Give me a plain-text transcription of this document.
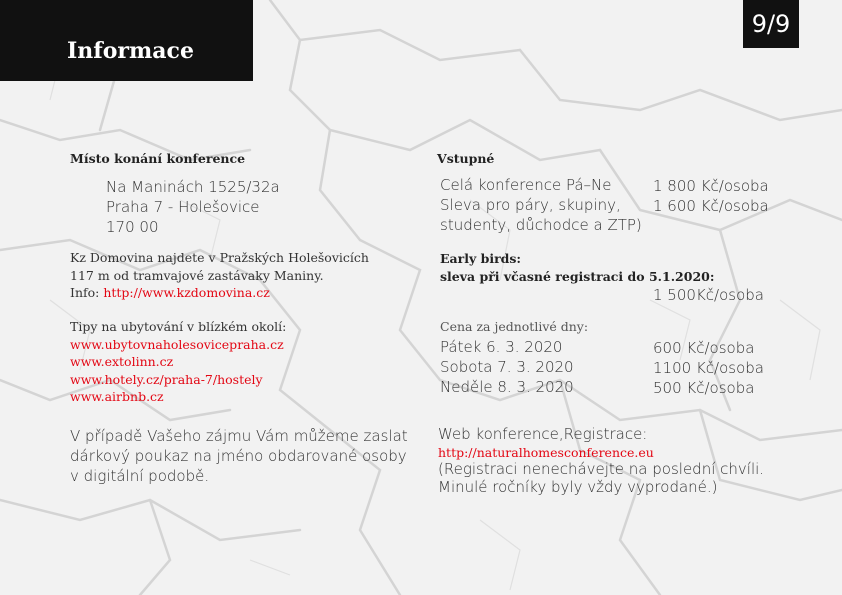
Informace
9/9
Místo konání konference
Na Maninách 1525/32a
Praha 7 - Holešovice
170 00
Kz Domovina najdete v Pražských Holešovicích
117 m od tramvajové zastávaky Maniny.
Info: http://www.kzdomovina.cz
Tipy na ubytování v blízkém okolí:
www.ubytovnaholesovicepraha.cz
www.extolinn.cz
www.hotely.cz/praha-7/hostely
www.airbnb.cz
V případě Vašeho zájmu Vám můžeme zaslat
dárkový poukaz na jméno obdarované osoby
v digitální podobě.
Vstupné
Celá konference Pá–Ne
Sleva pro páry, skupiny,
studenty, důchodce a ZTP)
1 800 Kč/osoba
1 600 Kč/osoba
Early birds:
sleva při včasné registraci do 5.1.2020:
1 500Kč/osoba
Cena za jednotlivé dny:
Pátek 6. 3. 2020
Sobota 7. 3. 2020
Neděle 8. 3. 2020
600 Kč/osoba
1100 Kč/osoba
500 Kč/osoba
Web konference,Registrace:
http://naturalhomesconference.eu
(Registraci nenechávejte na poslední chvíli.
Minulé ročníky byly vždy vyprodané.)
